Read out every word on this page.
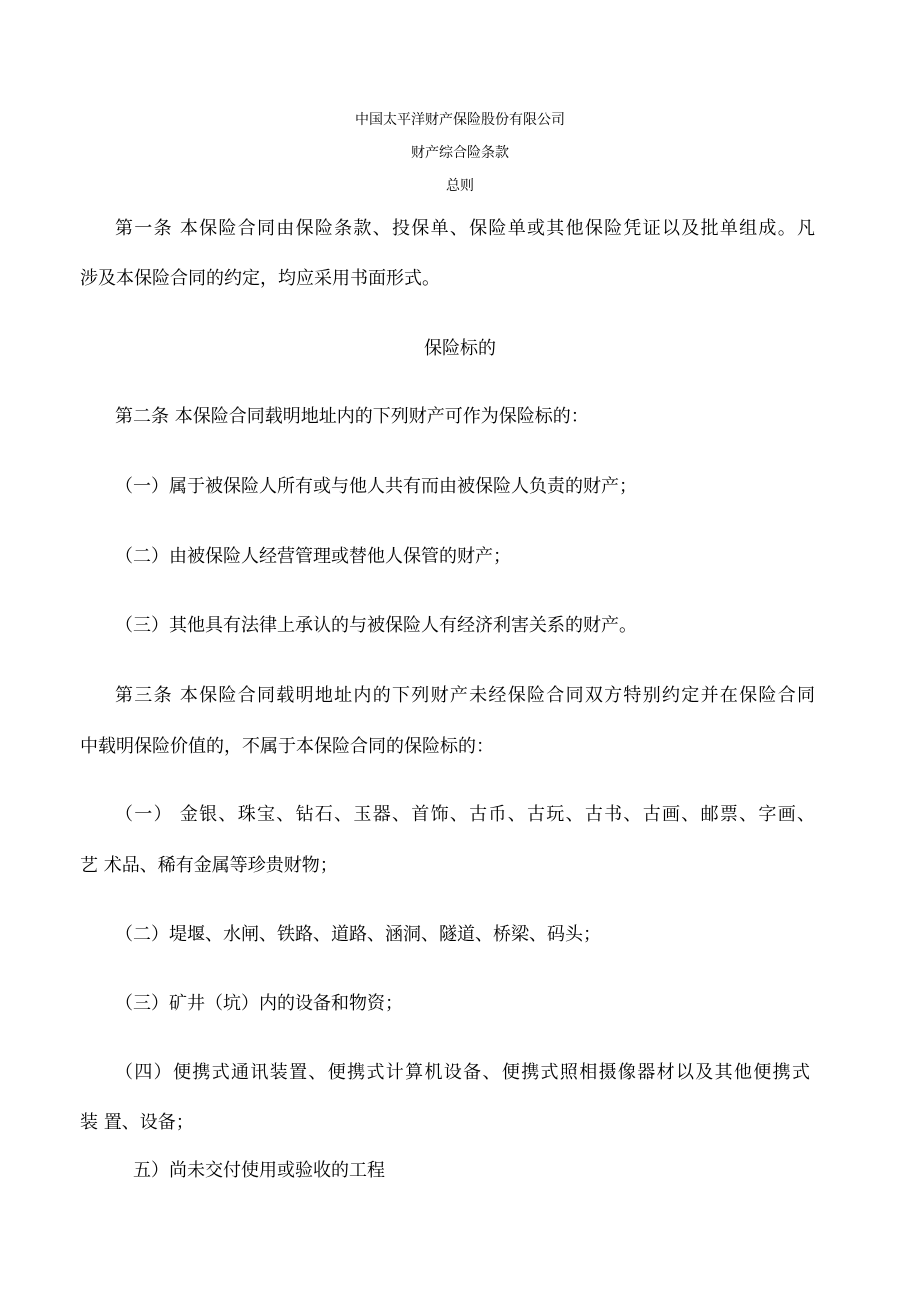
中国太平洋财产保险股份有限公司
财产综合险条款
总则
第一条 本保险合同由保险条款、投保单、保险单或其他保险凭证以及批单组成。凡
涉及本保险合同的约定，均应采用书面形式。
保险标的
第二条 本保险合同载明地址内的下列财产可作为保险标的：
（一）属于被保险人所有或与他人共有而由被保险人负责的财产；
（二）由被保险人经营管理或替他人保管的财产；
（三）其他具有法律上承认的与被保险人有经济利害关系的财产。
第三条 本保险合同载明地址内的下列财产未经保险合同双方特别约定并在保险合同
中载明保险价值的，不属于本保险合同的保险标的：
（一） 金银、珠宝、钻石、玉器、首饰、古币、古玩、古书、古画、邮票、字画、
艺 术品、稀有金属等珍贵财物；
（二）堤堰、水闸、铁路、道路、涵洞、隧道、桥梁、码头；
（三）矿井（坑）内的设备和物资；
（四）便携式通讯装置、便携式计算机设备、便携式照相摄像器材以及其他便携式
装 置、设备；
五）尚未交付使用或验收的工程
